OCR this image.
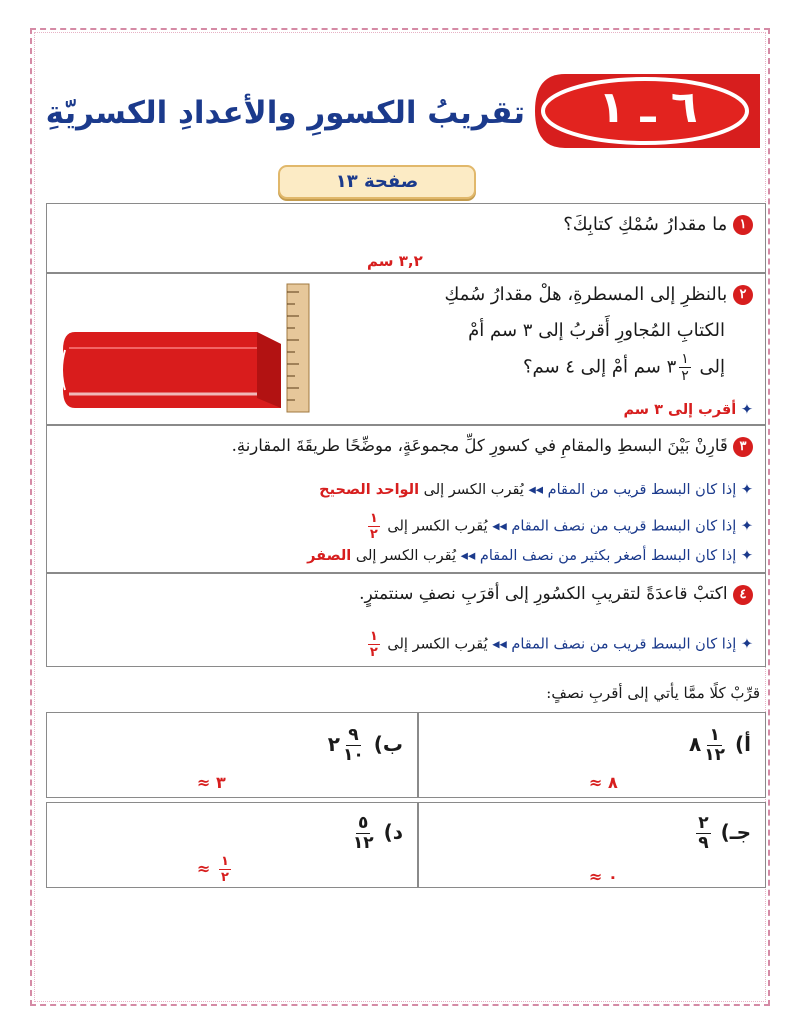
٦ ـ ١
تقريبُ الكسورِ والأعدادِ الكسريّةِ
صفحة ١٣
١ ما مقدارُ سُمْكِ كتابِكَ؟
٣,٢ سم
٢ بالنظرِ إلى المسطرةِ، هلْ مقدارُ سُمكِ
الكتابِ المُجاورِ أَقربُ إلى ٣ سم أمْ
إلى
$\frac{١}{٢}$
٣ سم أمْ إلى ٤ سم؟
✦ أقرب إلى ٣ سم
٣ قَارِنْ بَيْنَ البسطِ والمقامِ في كسورِ كلِّ مجموعَةٍ، موضِّحًا طريقَةَ المقارنةِ.
✦ إذا كان البسط قريب من المقام ◂◂ يُقرب الكسر إلى الواحد الصحيح
✦ إذا كان البسط قريب من نصف المقام ◂◂ يُقرب الكسر إلى
$\frac{١}{٢}$
✦ إذا كان البسط أصغر بكثير من نصف المقام ◂◂ يُقرب الكسر إلى الصفر
٤ اكتبْ قاعدَةً لتقريبِ الكسُورِ إلى أقرَبِ نصفِ سنتمترٍ.
✦ إذا كان البسط قريب من نصف المقام ◂◂ يُقرب الكسر إلى
$\frac{١}{٢}$
قرِّبْ كلًا ممَّا يأتي إلى أقربِ نصفٍ:
أ)
$\frac{١}{١٢}$
٨
٨ ≈
ب)
$\frac{٩}{١٠}$
٢
٣ ≈
جـ)
$\frac{٢}{٩}$
٠ ≈
د)
$\frac{٥}{١٢}$
$\frac{١}{٢}$
≈
